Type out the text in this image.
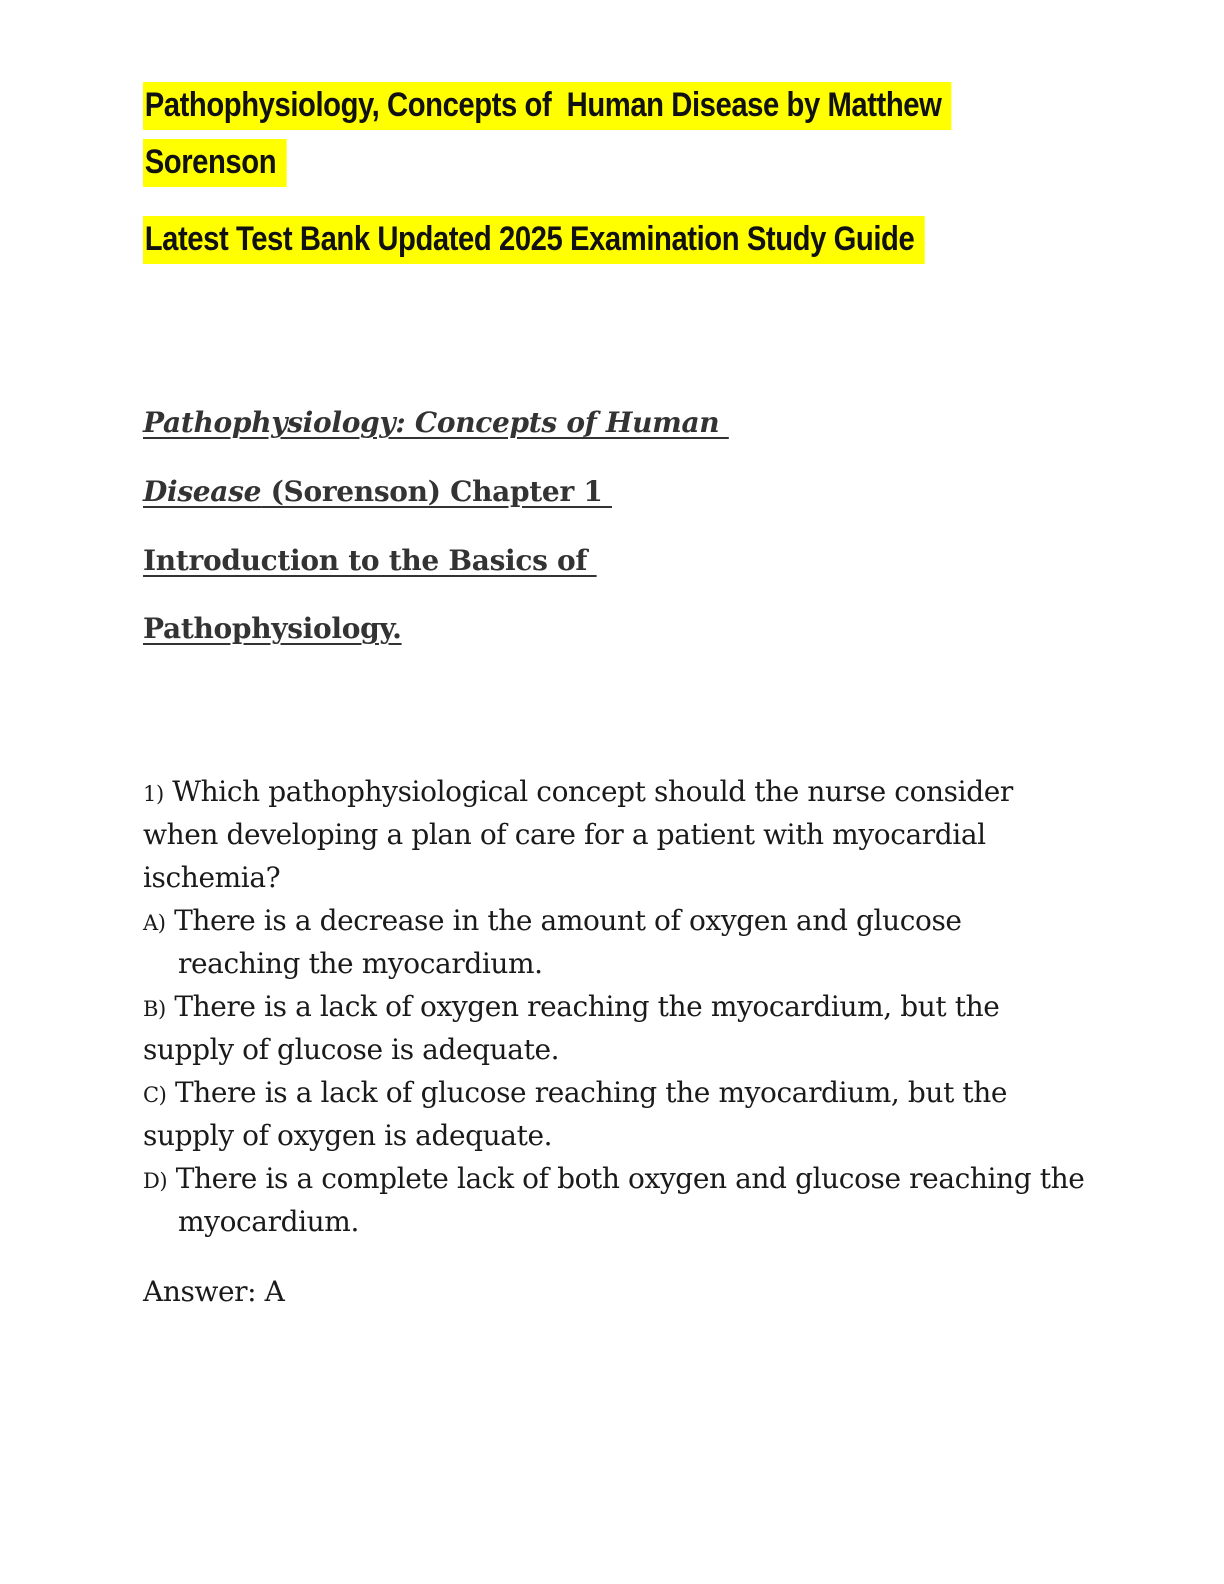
Pathophysiology, Concepts of  Human Disease by Matthew
Sorenson
Latest Test Bank Updated 2025 Examination Study Guide
Pathophysiology: Concepts of Human
Disease (Sorenson) Chapter 1
Introduction to the Basics of
Pathophysiology.
1) Which pathophysiological concept should the nurse consider
when developing a plan of care for a patient with myocardial
ischemia?
A) There is a decrease in the amount of oxygen and glucose
reaching the myocardium.
B) There is a lack of oxygen reaching the myocardium, but the
supply of glucose is adequate.
C) There is a lack of glucose reaching the myocardium, but the
supply of oxygen is adequate.
D) There is a complete lack of both oxygen and glucose reaching the
myocardium.
Answer: A
